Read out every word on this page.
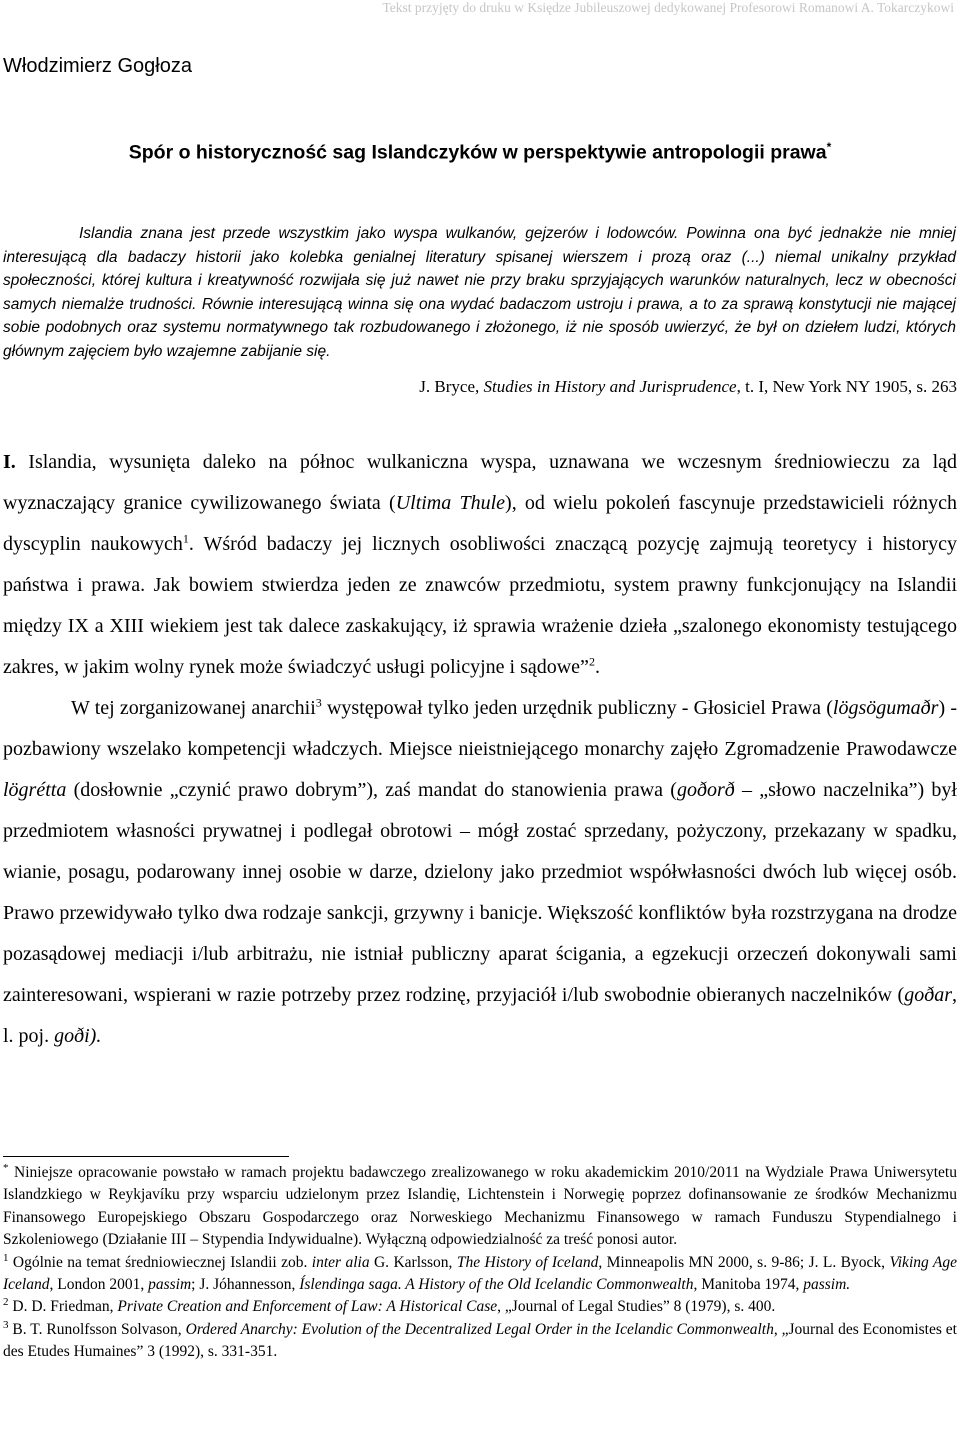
Tekst przyjęty do druku w Księdze Jubileuszowej dedykowanej Profesorowi Romanowi A. Tokarczykowi
Włodzimierz Gogłoza
Spór o historyczność sag Islandczyków w perspektywie antropologii prawa*

Islandia znana jest przede wszystkim jako wyspa wulkanów, gejzerów i lodowców. Powinna ona być jednakże nie mniej interesującą dla badaczy historii jako kolebka genialnej literatury spisanej wierszem i prozą oraz (...) niemal unikalny przykład społeczności, której kultura i kreatywność rozwijała się już nawet nie przy braku sprzyjających warunków naturalnych, lecz w obecności samych niemalże trudności. Równie interesującą winna się ona wydać badaczom ustroju i prawa, a to za sprawą konstytucji nie mającej sobie podobnych oraz systemu normatywnego tak rozbudowanego i złożonego, iż nie sposób uwierzyć, że był on dziełem ludzi, których głównym zajęciem było wzajemne zabijanie się.

J. Bryce, Studies in History and Jurisprudence, t. I, New York NY 1905, s. 263

I. Islandia, wysunięta daleko na północ wulkaniczna wyspa, uznawana we wczesnym średniowieczu za ląd wyznaczający granice cywilizowanego świata (Ultima Thule), od wielu pokoleń fascynuje przedstawicieli różnych dyscyplin naukowych$^1$. Wśród badaczy jej licznych osobliwości znaczącą pozycję zajmują teoretycy i historycy państwa i prawa. Jak bowiem stwierdza jeden ze znawców przedmiotu, system prawny funkcjonujący na Islandii między IX a XIII wiekiem jest tak dalece zaskakujący, iż sprawia wrażenie dzieła „szalonego ekonomisty testującego zakres, w jakim wolny rynek może świadczyć usługi policyjne i sądowe”$^2$.

W tej zorganizowanej anarchii$^3$ występował tylko jeden urzędnik publiczny - Głosiciel Prawa (lögsögumaðr) - pozbawiony wszelako kompetencji władczych. Miejsce nieistniejącego monarchy zajęło Zgromadzenie Prawodawcze lögrétta (dosłownie „czynić prawo dobrym”), zaś mandat do stanowienia prawa (goðorð – „słowo naczelnika”) był przedmiotem własności prywatnej i podlegał obrotowi – mógł zostać sprzedany, pożyczony, przekazany w spadku, wianie, posagu, podarowany innej osobie w darze, dzielony jako przedmiot współwłasności dwóch lub więcej osób. Prawo przewidywało tylko dwa rodzaje sankcji, grzywny i banicje. Większość konfliktów była rozstrzygana na drodze pozasądowej mediacji i/lub arbitrażu, nie istniał publiczny aparat ścigania, a egzekucji orzeczeń dokonywali sami zainteresowani, wspierani w razie potrzeby przez rodzinę, przyjaciół i/lub swobodnie obieranych naczelników (goðar, l. poj. goði).

* Niniejsze opracowanie powstało w ramach projektu badawczego zrealizowanego w roku akademickim 2010/2011 na Wydziale Prawa Uniwersytetu Islandzkiego w Reykjavíku przy wsparciu udzielonym przez Islandię, Lichtenstein i Norwegię poprzez dofinansowanie ze środków Mechanizmu Finansowego Europejskiego Obszaru Gospodarczego oraz Norweskiego Mechanizmu Finansowego w ramach Funduszu Stypendialnego i Szkoleniowego (Działanie III – Stypendia Indywidualne). Wyłączną odpowiedzialność za treść ponosi autor.

$^1$ Ogólnie na temat średniowiecznej Islandii zob. inter alia G. Karlsson, The History of Iceland, Minneapolis MN 2000, s. 9-86; J. L. Byock, Viking Age Iceland, London 2001, passim; J. Jóhannesson, Íslendinga saga. A History of the Old Icelandic Commonwealth, Manitoba 1974, passim.

$^2$ D. D. Friedman, Private Creation and Enforcement of Law: A Historical Case, „Journal of Legal Studies” 8 (1979), s. 400.

$^3$ B. T. Runolfsson Solvason, Ordered Anarchy: Evolution of the Decentralized Legal Order in the Icelandic Commonwealth, „Journal des Economistes et des Etudes Humaines” 3 (1992), s. 331-351.
